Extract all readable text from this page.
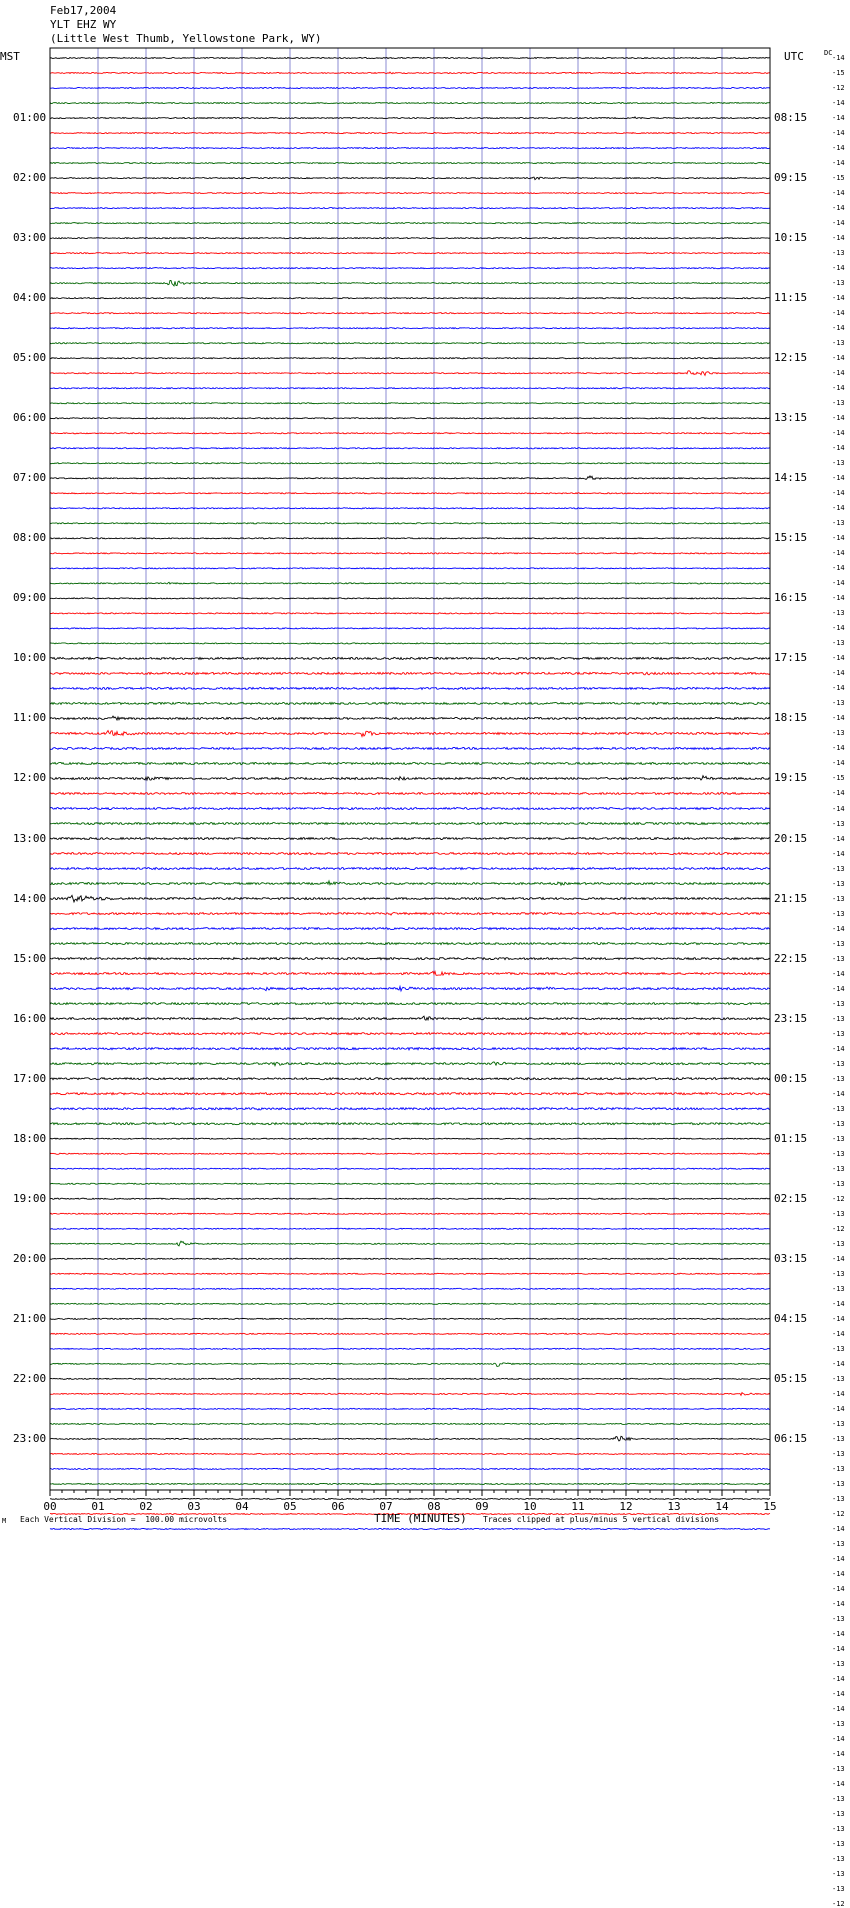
00	01	02	03	04	05	06	07	08	09	10	11	12	13	14	15
Feb17,2004
YLT EHZ WY
(Little West Thumb, Yellowstone Park, WY)
MST	UTC	DC
01:00	08:15
02:00	09:15
03:00	10:15
04:00	11:15
05:00	12:15
06:00	13:15
07:00	14:15
08:00	15:15
09:00	16:15
10:00	17:15
11:00	18:15
12:00	19:15
13:00	20:15
14:00	21:15
15:00	22:15
16:00	23:15
17:00	00:15
18:00	01:15
19:00	02:15
20:00	03:15
21:00	04:15
22:00	05:15
23:00	06:15
-14
-15
-12
-14
-14
-14
-14
-14
-15
-14
-14
-14
-14
-13
-14
-13
-14
-14
-14
-13
-14
-14
-14
-13
-14
-14
-14
-13
-14
-14
-14
-13
-14
-14
-14
-14
-14
-13
-14
-13
-14
-14
-14
-13
-14
-13
-14
-14
-15
-14
-14
-13
-14
-14
-13
-13
-13
-13
-14
-13
-13
-14
-14
-13
-13
-13
-14
-13
-13
-14
-13
-13
-13
-13
-13
-13
-12
-13
-12
-13
-14
-13
-13
-14
-14
-14
-13
-14
-13
-14
-14
-13
-13
-13
-13
-13
-13
-12
-14
-13
-14
-14
-14
-14
-13
-14
-14
-13
-14
-14
-14
-13
-14
-14
-13
-14
-13
-13
-13
-13
-13
-13
-13
-12
M Each Vertical Division =  100.00 microvolts	TIME (MINUTES) Traces clipped at plus/minus 5 vertical divisions
